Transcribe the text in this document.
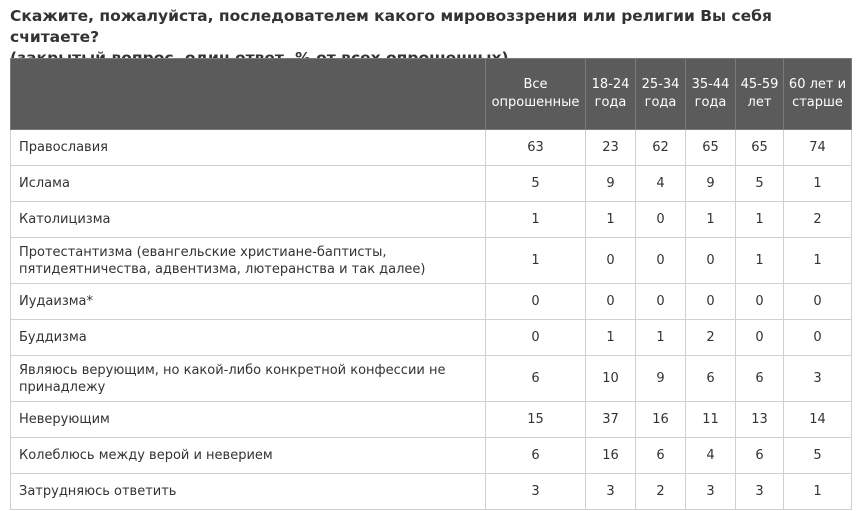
Скажите, пожалуйста, последователем какого мировоззрения или религии Вы себя считаете?
	Все опрошенные	18-24 года	25-34 года	35-44 года	45-59 лет	60 лет и старше
Православия	63	23	62	65	65	74
Ислама	5	9	4	9	5	1
Католицизма	1	1	0	1	1	2
Протестантизма (евангельские христиане-баптисты, пятидеятничества, адвентизма, лютеранства и так далее)	1	0	0	0	1	1
Иудаизма*	0	0	0	0	0	0
Буддизма	0	1	1	2	0	0
Являюсь верующим, но какой-либо конкретной конфессии не принадлежу	6	10	9	6	6	3
Неверующим	15	37	16	11	13	14
Колеблюсь между верой и неверием	6	16	6	4	6	5
Затрудняюсь ответить	3	3	2	3	3	1
